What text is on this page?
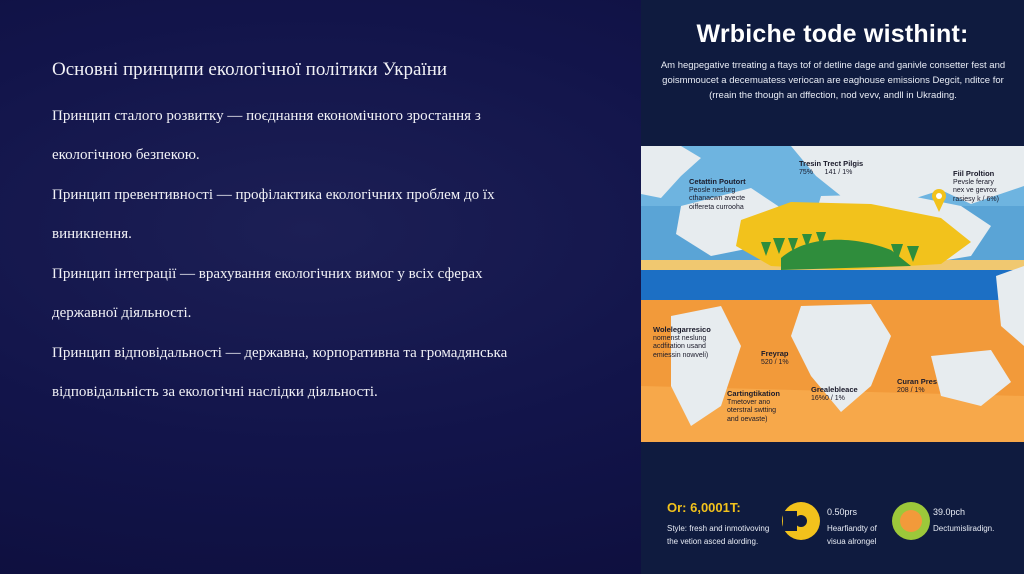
Основні принципи екологічної політики України

Принцип сталого розвитку — поєднання економічного зростання з

екологічною безпекою.

Принцип превентивності — профілактика екологічних проблем до їх

виникнення.

Принцип інтеграції — врахування екологічних вимог у всіх сферах

державної діяльності.

Принцип відповідальності — державна, корпоративна та громадянська

відповідальність за екологічні наслідки діяльності.

Wrbiche tode wisthint:
Am hegpegative trreating a ftays tof of detline dage and ganivle consetter fest and
goismmoucet a decemuatess veriocan are eaghouse emissions Degcit, nditce for
(rreain the though an dffection, nod vevv, andll in Ukrading.
Cetattin Poutort
Peosle neslurg
cthanacwn avecte
oiffereta currooha
Tresin Trect Pilgis
75%      141 / 1%	Fiil Proltion
Pevsle ferary
nex ve gevrox
rasiesy k / 6%)
Wolelegarresico
nomenst neslung
acdfitation usand
emiessin nowveli)	Freyrap
520 / 1%
Cartingtikation
Tmetover ano
oterstral swtting
and oevaste)
Grealebleace
16%0 / 1%
Curan Pres
208 / 1%
Or: 6,0001T:
Style: fresh and inmotivoving
the vetion asced alording.
0.50prs
Hearfiandty of
visua alrongel
39.0pch
Dectumisliradign.
